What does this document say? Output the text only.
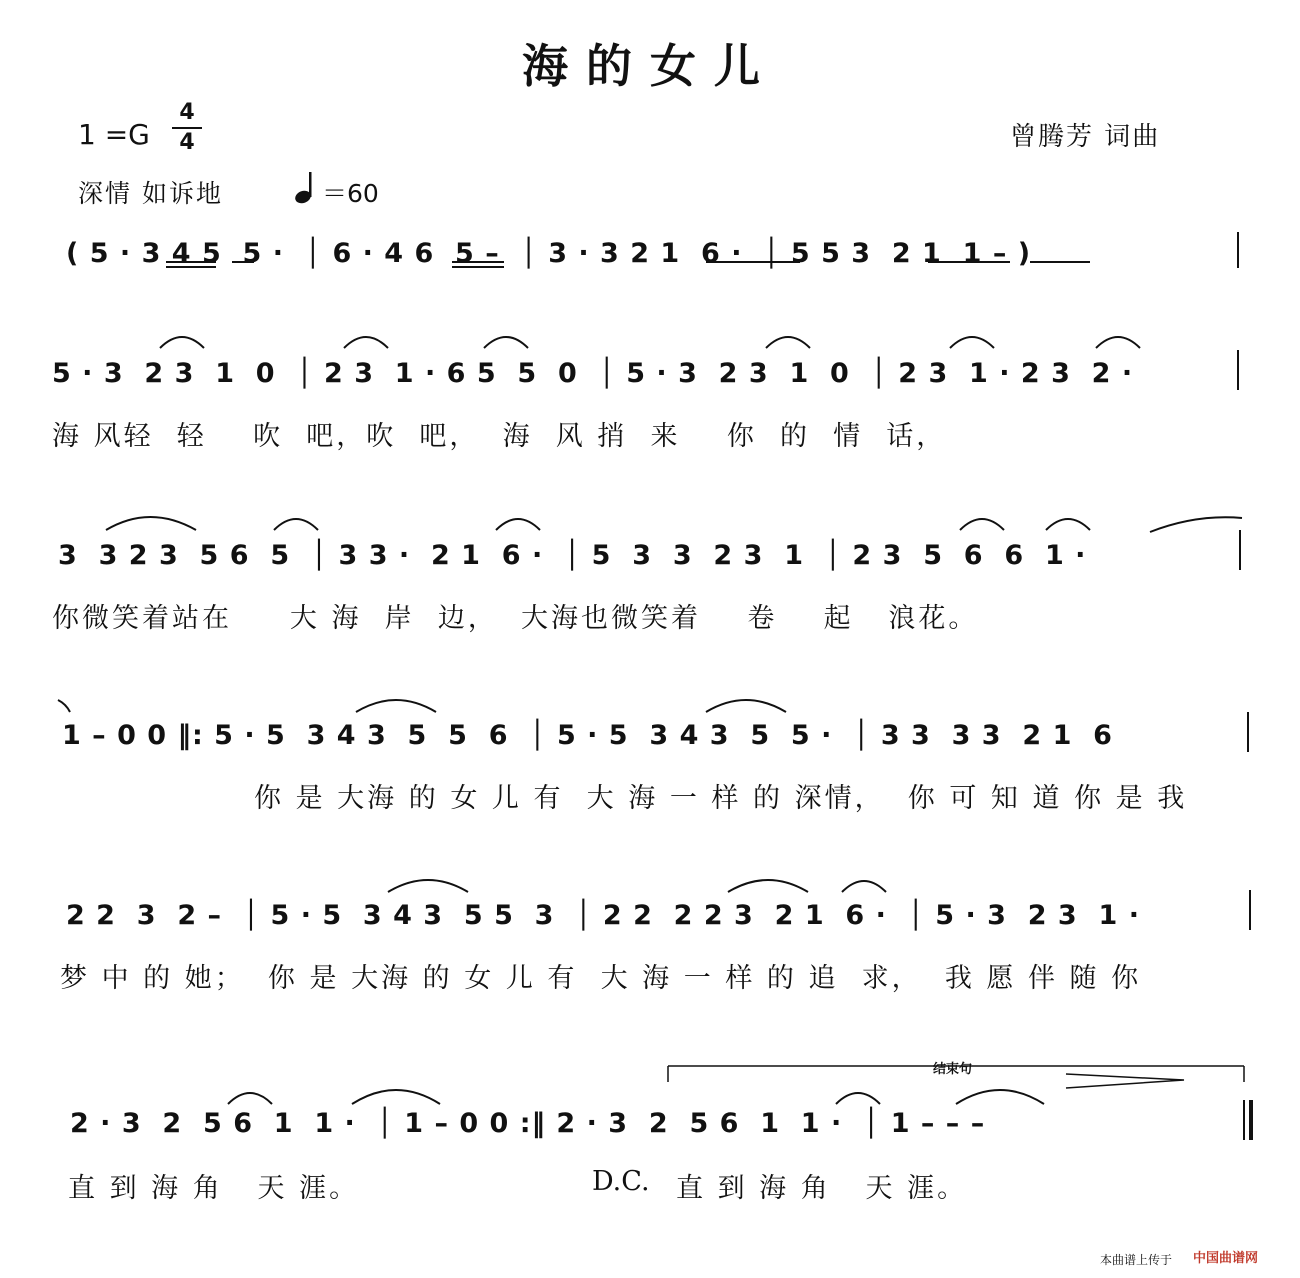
海的女儿
1 =G
4
4	曾腾芳 词曲
深情 如诉地	＝60
( 5 · 3 4 5  5 ·  │ 6 · 4 6  5 –  │ 3 · 3 2 1  6 ·  │ 5 5 3  2 1  1 – )
5 · 3  2 3  1  0  │ 2 3  1 · 6 5  5  0  │ 5 · 3  2 3  1  0  │ 2 3  1 · 2 3  2 ·
海 风轻  轻    吹  吧，吹  吧，  海  风 捎  来    你  的  情  话，
3  3 2 3  5 6  5  │ 3 3 ·  2 1  6 ·  │ 5  3  3  2 3  1  │ 2 3  5  6  6  1 ·
你微笑着站在     大 海  岸  边，  大海也微笑着    卷    起   浪花。
1 – 0 0 ‖: 5 · 5  3 4 3  5  5  6  │ 5 · 5  3 4 3  5  5 ·  │ 3 3  3 3  2 1  6
你 是 大海 的 女 儿 有  大 海 一 样 的 深情，  你 可 知 道 你 是 我
2 2  3  2 –  │ 5 · 5  3 4 3  5 5  3  │ 2 2  2 2 3  2 1  6 ·  │ 5 · 3  2 3  1 ·
梦 中 的 她；  你 是 大海 的 女 儿 有  大 海 一 样 的 追  求，  我 愿 伴 随 你
2 · 3  2  5 6  1  1 ·  │ 1 – 0 0 :‖ 2 · 3  2  5 6  1  1 ·  │ 1 – – –
直 到 海 角   天 涯。	D.C. 直 到 海 角   天 涯。
结束句
本曲谱上传于 中国曲谱网
